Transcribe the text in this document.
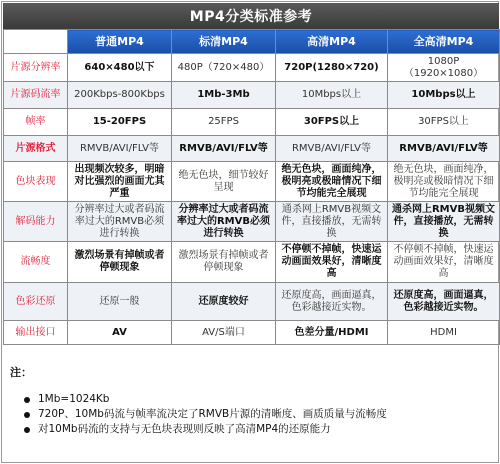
MP4分类标准参考
	普通MP4	标清MP4	高清MP4	全高清MP4
片源分辨率	640×480以下	480P（720×480）	720P(1280×720)	1080P（1920×1080）
片源码流率	200Kbps-800Kbps	1Mb-3Mb	10Mbps以上	10Mbps以上
帧率	15-20FPS	25FPS	30FPS以上	30FPS以上
片源格式	RMVB/AVI/FLV等	RMVB/AVI/FLV等	RMVB/AVI/FLV等	RMVB/AVI/FLV等
色块表现	出现频次较多，明暗对比强烈的画面尤其严重	绝无色块，细节较好呈现	绝无色块，画面纯净，极明亮或极暗情况下细节均能完全展现	绝无色块，画面纯净，极明亮或极暗情况下细节均能完全展现
解码能力	分辨率过大或者码流率过大的RMVB必须进行转换	分辨率过大或者码流率过大的RMVB必须进行转换	通杀网上RMVB视频文件，直接播放，无需转换	通杀网上RMVB视频文件，直接播放，无需转换
流畅度	激烈场景有掉帧或者停顿现象	激烈场景有掉帧或者停顿现象	不停顿不掉帧，快速运动画面效果好，清晰度高	不停顿不掉帧，快速运动画面效果好，清晰度高
色彩还原	还原一般	还原度较好	还原度高，画面逼真，色彩越接近实物。	还原度高，画面逼真，色彩越接近实物。
输出接口	AV	AV/S端口	色差分量/HDMI	HDMI
注：
1Mb=1024Kb
720P、10Mb码流与帧率流决定了RMVB片源的清晰度、画质质量与流畅度
对10Mb码流的支持与无色块表现则反映了高清MP4的还原能力
